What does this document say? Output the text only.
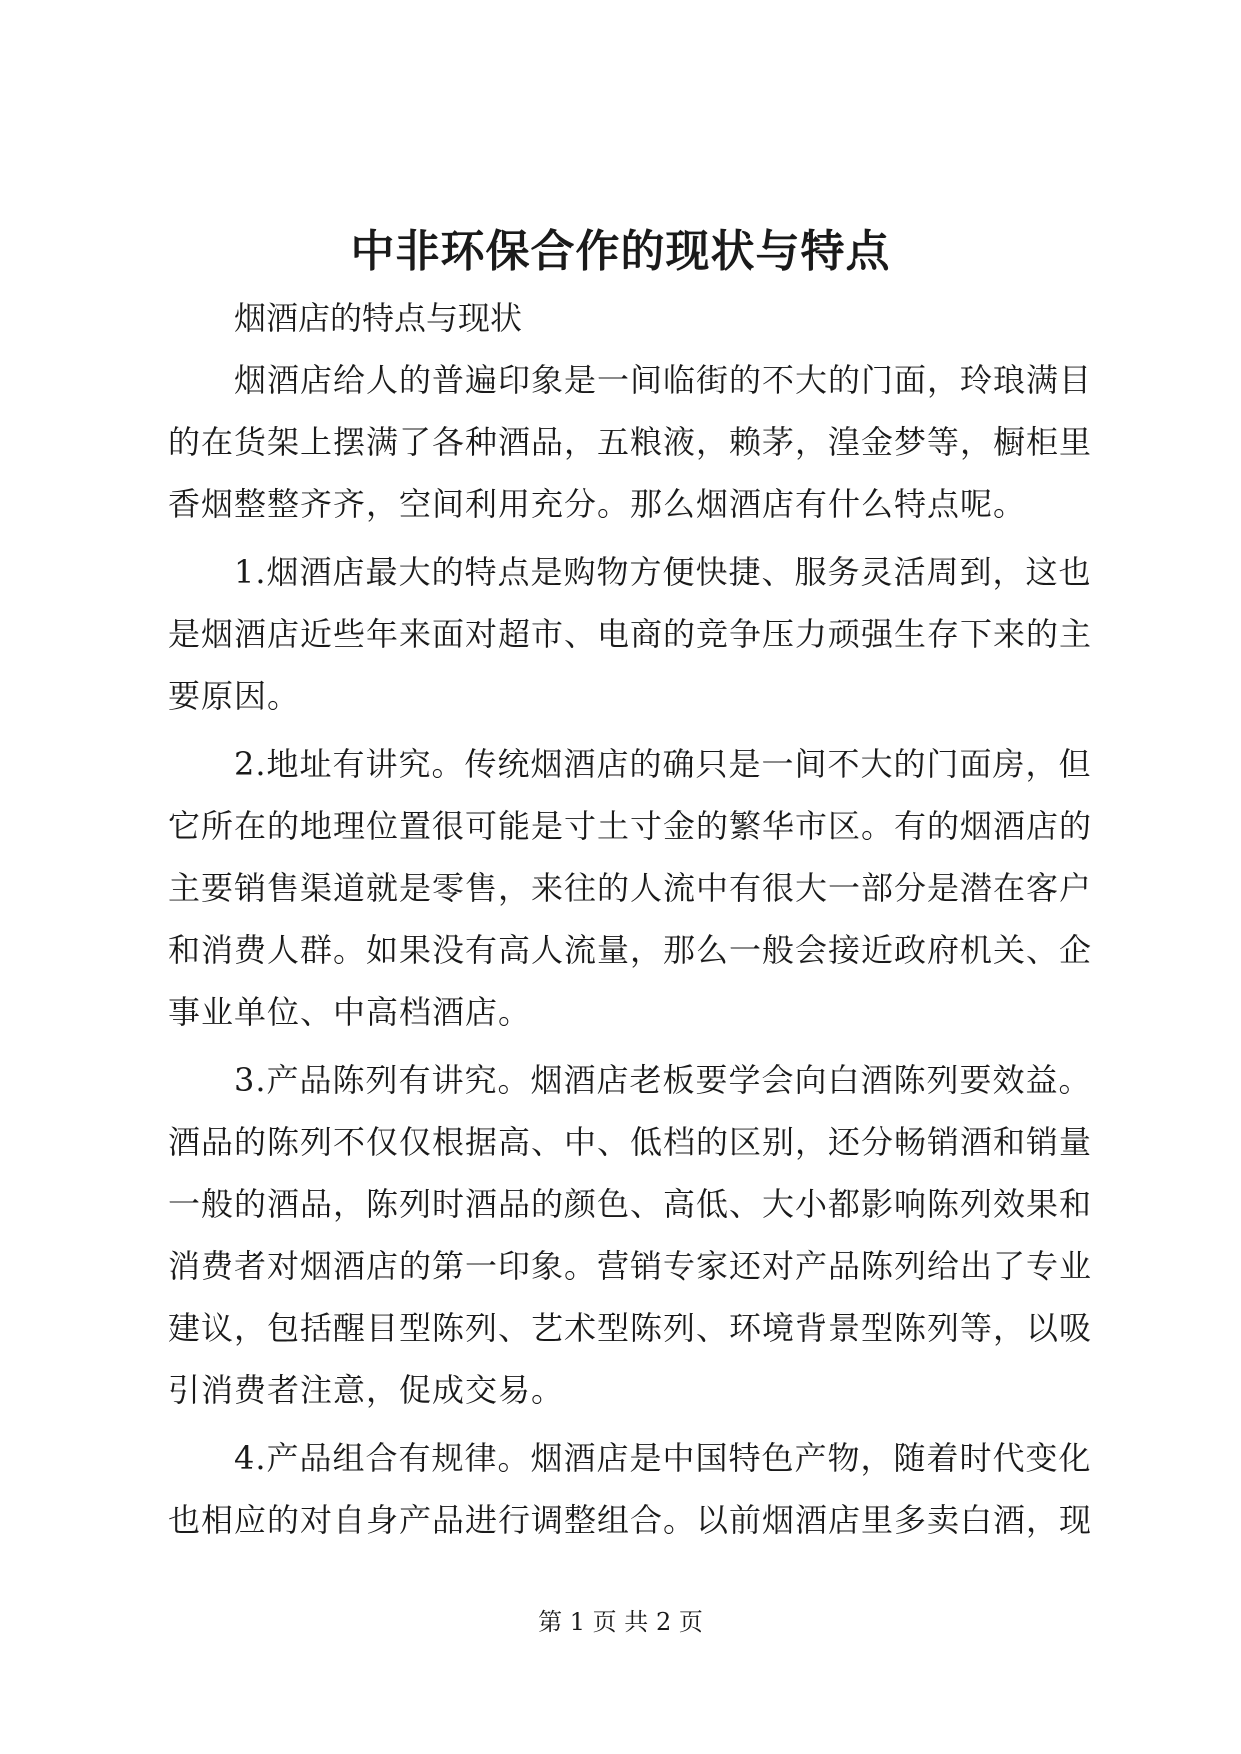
中非环保合作的现状与特点

烟酒店的特点与现状

烟酒店给人的普遍印象是一间临街的不大的门面，玲琅满目

的在货架上摆满了各种酒品，五粮液，赖茅，湟金梦等，橱柜里

香烟整整齐齐，空间利用充分。那么烟酒店有什么特点呢。

1.烟酒店最大的特点是购物方便快捷、服务灵活周到，这也

是烟酒店近些年来面对超市、电商的竞争压力顽强生存下来的主

要原因。

2.地址有讲究。传统烟酒店的确只是一间不大的门面房，但

它所在的地理位置很可能是寸土寸金的繁华市区。有的烟酒店的

主要销售渠道就是零售，来往的人流中有很大一部分是潜在客户

和消费人群。如果没有高人流量，那么一般会接近政府机关、企

事业单位、中高档酒店。

3.产品陈列有讲究。烟酒店老板要学会向白酒陈列要效益。

酒品的陈列不仅仅根据高、中、低档的区别，还分畅销酒和销量

一般的酒品，陈列时酒品的颜色、高低、大小都影响陈列效果和

消费者对烟酒店的第一印象。营销专家还对产品陈列给出了专业

建议，包括醒目型陈列、艺术型陈列、环境背景型陈列等，以吸

引消费者注意，促成交易。

4.产品组合有规律。烟酒店是中国特色产物，随着时代变化

也相应的对自身产品进行调整组合。以前烟酒店里多卖白酒，现

第 1 页 共 2 页
